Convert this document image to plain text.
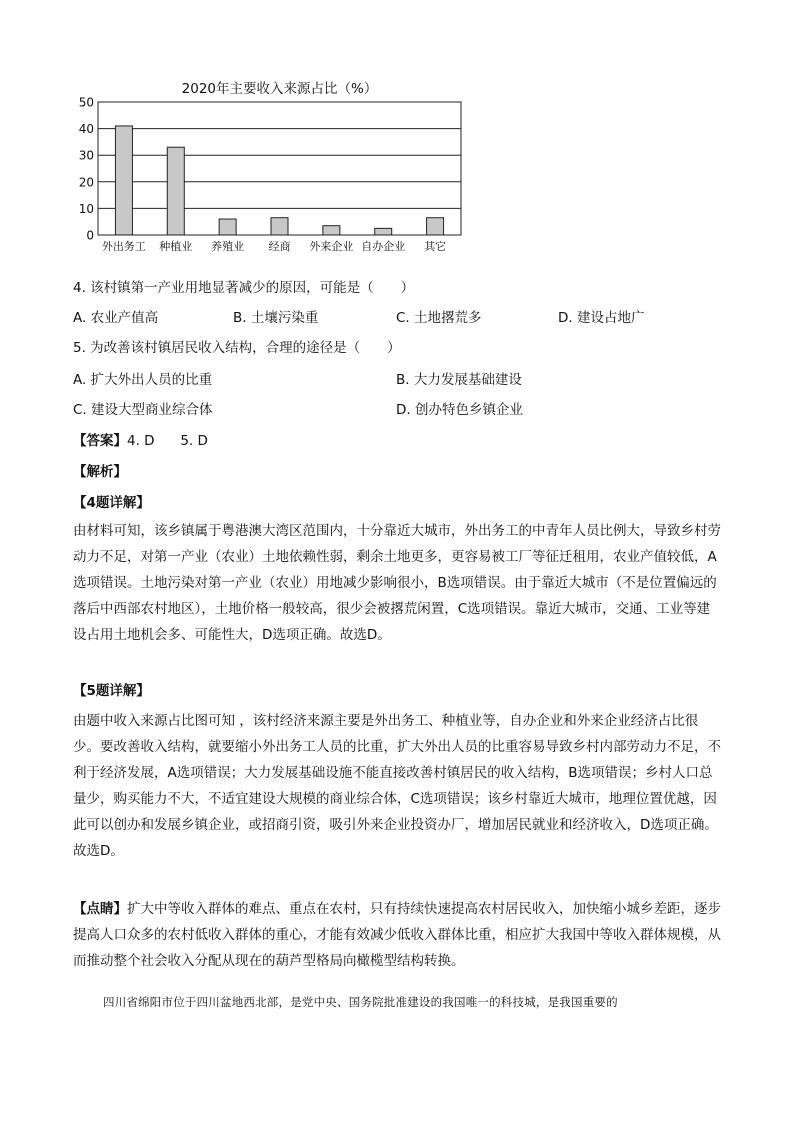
2020年主要收入来源占比（%）
0
10
20
30
40
50
外出务工 种植业 养殖业 经商 外来企业 自办企业 其它
4. 该村镇第一产业用地显著减少的原因，可能是（　　）
A. 农业产值高	B. 土壤污染重	C. 土地撂荒多	D. 建设占地广
5. 为改善该村镇居民收入结构，合理的途径是（　　）
A. 扩大外出人员的比重	B. 大力发展基础建设
C. 建设大型商业综合体	D. 创办特色乡镇企业
【答案】4. D      5. D
【解析】
【4题详解】

由材料可知，该乡镇属于粤港澳大湾区范围内，十分靠近大城市，外出务工的中青年人员比例大，导致乡村劳动力不足，对第一产业（农业）土地依赖性弱，剩余土地更多，更容易被工厂等征迁租用，农业产值较低，A选项错误。土地污染对第一产业（农业）用地减少影响很小，B选项错误。由于靠近大城市（不是位置偏远的落后中西部农村地区），土地价格一般较高，很少会被撂荒闲置，C选项错误。靠近大城市，交通、工业等建设占用土地机会多、可能性大，D选项正确。故选D。

【5题详解】

由题中收入来源占比图可知 ，该村经济来源主要是外出务工、种植业等，自办企业和外来企业经济占比很少。要改善收入结构，就要缩小外出务工人员的比重，扩大外出人员的比重容易导致乡村内部劳动力不足，不利于经济发展，A选项错误；大力发展基础设施不能直接改善村镇居民的收入结构，B选项错误；乡村人口总量少，购买能力不大，不适宜建设大规模的商业综合体，C选项错误；该乡村靠近大城市，地理位置优越，因此可以创办和发展乡镇企业，或招商引资，吸引外来企业投资办厂，增加居民就业和经济收入，D选项正确。故选D。

【点睛】扩大中等收入群体的难点、重点在农村，只有持续快速提高农村居民收入，加快缩小城乡差距，逐步提高人口众多的农村低收入群体的重心，才能有效减少低收入群体比重，相应扩大我国中等收入群体规模，从而推动整个社会收入分配从现在的葫芦型格局向橄榄型结构转换。

四川省绵阳市位于四川盆地西北部，是党中央、国务院批准建设的我国唯一的科技城，是我国重要的
